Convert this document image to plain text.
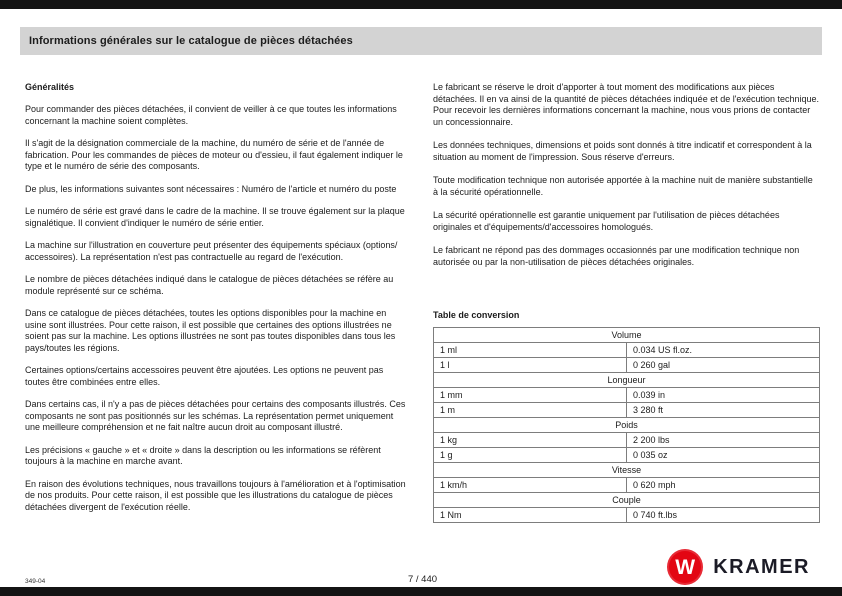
Informations générales sur le catalogue de pièces détachées
Généralités

Pour commander des pièces détachées, il convient de veiller à ce que toutes les informations concernant la machine soient complètes.

Il s'agit de la désignation commerciale de la machine, du numéro de série et de l'année de fabrication. Pour les commandes de pièces de moteur ou d'essieu, il faut également indiquer le type et le numéro de série des composants.

De plus, les informations suivantes sont nécessaires : Numéro de l'article et numéro du poste

Le numéro de série est gravé dans le cadre de la machine. Il se trouve également sur la plaque signalétique. Il convient d'indiquer le numéro de série entier.

La machine sur l'illustration en couverture peut présenter des équipements spéciaux (options/ accessoires). La représentation n'est pas contractuelle au regard de l'exécution.

Le nombre de pièces détachées indiqué dans le catalogue de pièces détachées se réfère au module représenté sur ce schéma.

Dans ce catalogue de pièces détachées, toutes les options disponibles pour la machine en usine sont illustrées. Pour cette raison, il est possible que certaines des options illustrées ne soient pas sur la machine. Les options illustrées ne sont pas toutes disponibles dans tous les pays/toutes les régions.

Certaines options/certains accessoires peuvent être ajoutées. Les options ne peuvent pas toutes être combinées entre elles.

Dans certains cas, il n'y a pas de pièces détachées pour certains des composants illustrés. Ces composants ne sont pas positionnés sur les schémas. La représentation permet uniquement une meilleure compréhension et ne fait naître aucun droit au composant illustré.

Les précisions « gauche » et « droite » dans la description ou les informations se réfèrent toujours à la machine en marche avant.

En raison des évolutions techniques, nous travaillons toujours à l'amélioration et à l'optimisation de nos produits. Pour cette raison, il est possible que les illustrations du catalogue de pièces détachées divergent de l'exécution réelle.

Le fabricant se réserve le droit d'apporter à tout moment des modifications aux pièces détachées. Il en va ainsi de la quantité de pièces détachées indiquée et de l'exécution technique. Pour recevoir les dernières informations concernant la machine, nous vous prions de contacter un concessionnaire.

Les données techniques, dimensions et poids sont donnés à titre indicatif et correspondent à la situation au moment de l'impression. Sous réserve d'erreurs.

Toute modification technique non autorisée apportée à la machine nuit de manière substantielle à la sécurité opérationnelle.

La sécurité opérationnelle est garantie uniquement par l'utilisation de pièces détachées originales et d'équipements/d'accessoires homologués.

Le fabricant ne répond pas des dommages occasionnés par une modification technique non autorisée ou par la non-utilisation de pièces détachées originales.

Table de conversion
Volume	
1 ml	0.034 US fl.oz.
1 l	0 260 gal
Longueur	
1 mm	0.039 in
1 m	3 280 ft
Poids	
1 kg	2 200 lbs
1 g	0 035 oz
Vitesse	
1 km/h	0 620 mph
Couple	
1 Nm	0 740 ft.lbs
349-04	7 / 440
W KRAMER
